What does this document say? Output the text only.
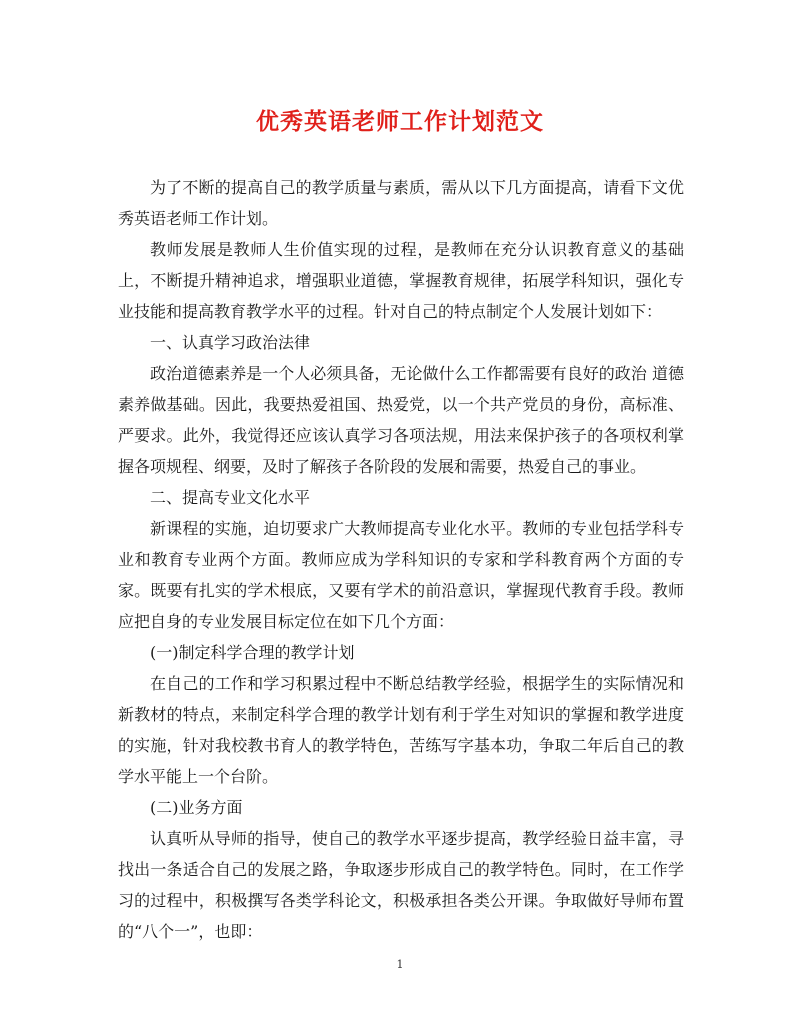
优秀英语老师工作计划范文

为了不断的提高自己的教学质量与素质，需从以下几方面提高，请看下文优秀英语老师工作计划。

教师发展是教师人生价值实现的过程，是教师在充分认识教育意义的基础上，不断提升精神追求，增强职业道德，掌握教育规律，拓展学科知识，强化专业技能和提高教育教学水平的过程。针对自己的特点制定个人发展计划如下：

一、认真学习政治法律

政治道德素养是一个人必须具备，无论做什么工作都需要有良好的政治 道德素养做基础。因此，我要热爱祖国、热爱党，以一个共产党员的身份，高标准、严要求。此外，我觉得还应该认真学习各项法规，用法来保护孩子的各项权利掌握各项规程、纲要，及时了解孩子各阶段的发展和需要，热爱自己的事业。

二、提高专业文化水平

新课程的实施，迫切要求广大教师提高专业化水平。教师的专业包括学科专业和教育专业两个方面。教师应成为学科知识的专家和学科教育两个方面的专家。既要有扎实的学术根底，又要有学术的前沿意识，掌握现代教育手段。教师应把自身的专业发展目标定位在如下几个方面：

(一)制定科学合理的教学计划

在自己的工作和学习积累过程中不断总结教学经验，根据学生的实际情况和新教材的特点，来制定科学合理的教学计划有利于学生对知识的掌握和教学进度的实施，针对我校教书育人的教学特色，苦练写字基本功，争取二年后自己的教学水平能上一个台阶。

(二)业务方面

认真听从导师的指导，使自己的教学水平逐步提高，教学经验日益丰富，寻找出一条适合自己的发展之路，争取逐步形成自己的教学特色。同时，在工作学习的过程中，积极撰写各类学科论文，积极承担各类公开课。争取做好导师布置的“八个一”，也即：

1
